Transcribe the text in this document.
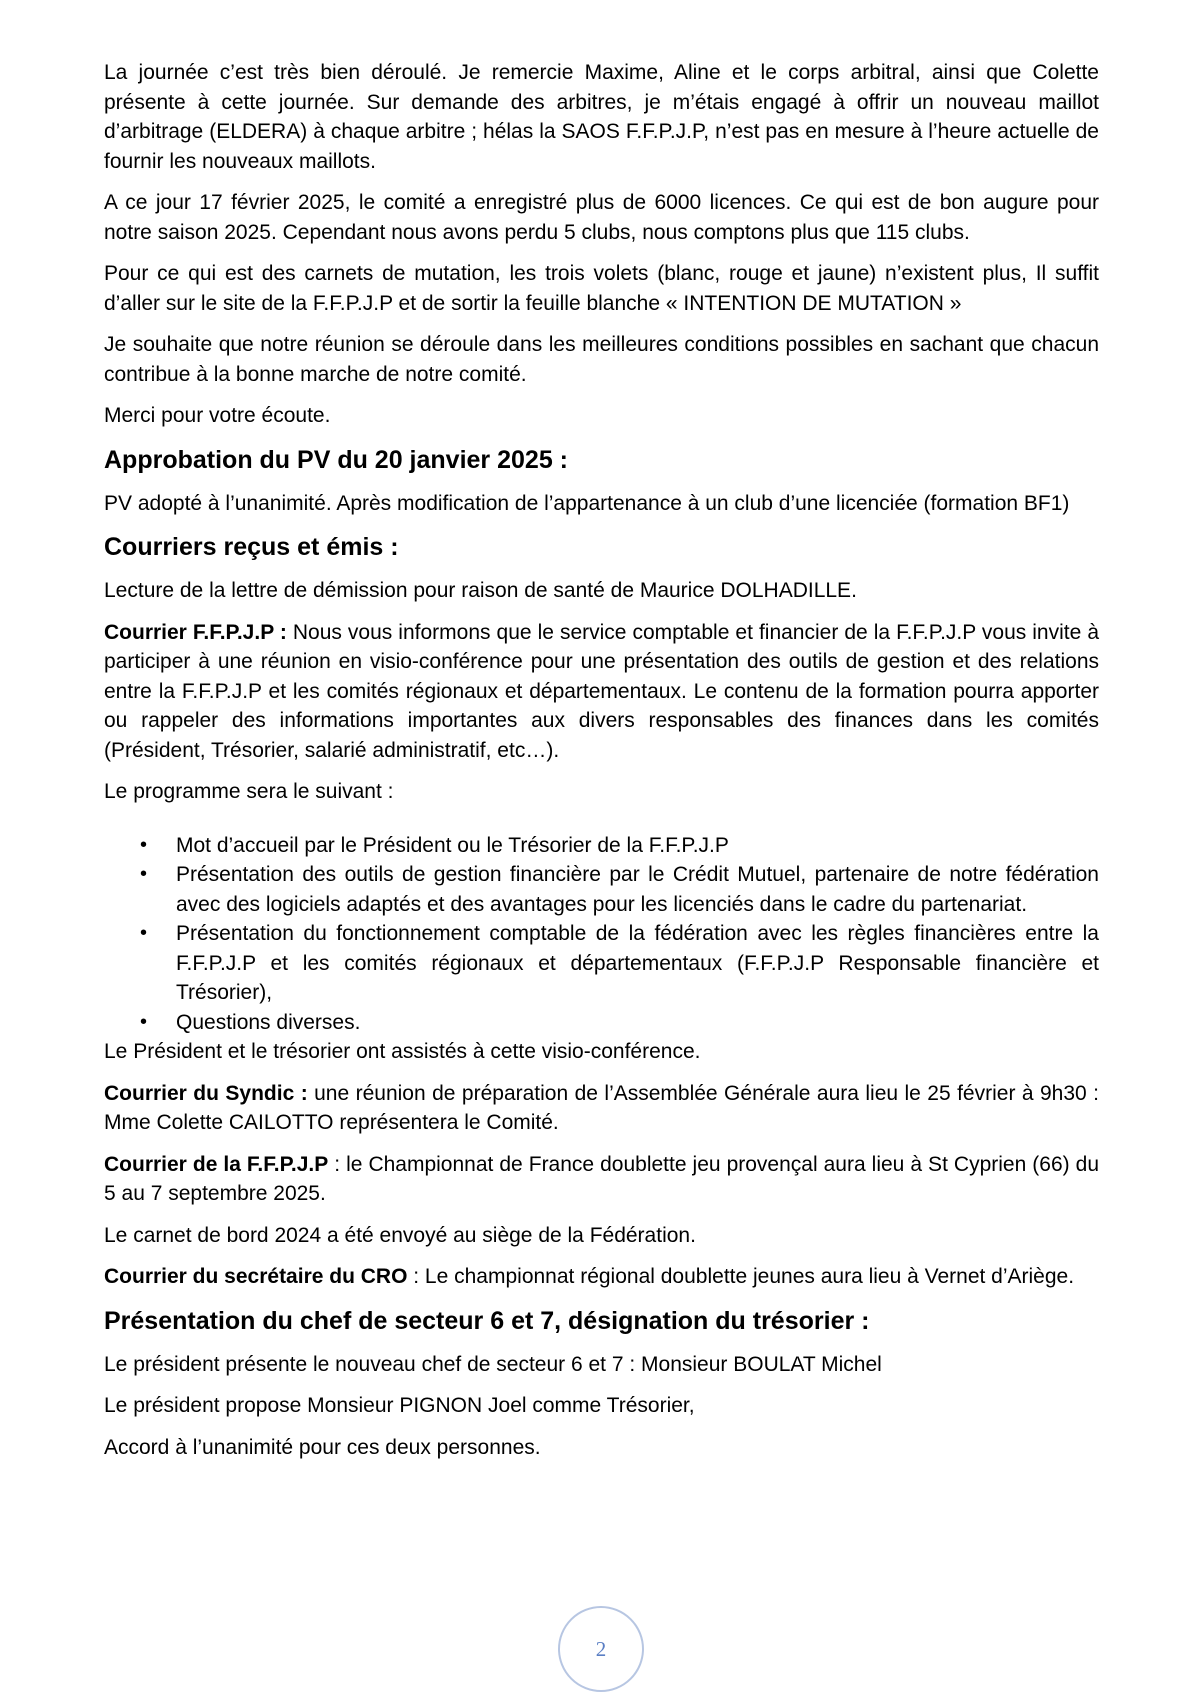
La journée c’est très bien déroulé. Je remercie Maxime, Aline et le corps arbitral, ainsi que Colette présente à cette journée. Sur demande des arbitres, je m’étais engagé à offrir un nouveau maillot d’arbitrage (ELDERA) à chaque arbitre ; hélas la SAOS F.F.P.J.P, n’est pas en mesure à l’heure actuelle de fournir les nouveaux maillots.

A ce jour 17 février 2025, le comité a enregistré plus de 6000 licences. Ce qui est de bon augure pour notre saison 2025. Cependant nous avons perdu 5 clubs, nous comptons plus que 115 clubs.

Pour ce qui est des carnets de mutation, les trois volets (blanc, rouge et jaune) n’existent plus, Il suffit d’aller sur le site de la F.F.P.J.P et de sortir la feuille blanche « INTENTION DE MUTATION »

Je souhaite que notre réunion se déroule dans les meilleures conditions possibles en sachant que chacun contribue à la bonne marche de notre comité.

Merci pour votre écoute.

Approbation du PV du 20 janvier 2025 :

PV adopté à l’unanimité. Après modification de l’appartenance à un club d’une licenciée (formation BF1)

Courriers reçus et émis :

Lecture de la lettre de démission pour raison de santé de Maurice DOLHADILLE.

Courrier F.F.P.J.P : Nous vous informons que le service comptable et financier de la F.F.P.J.P vous invite à participer à une réunion en visio-conférence pour une présentation des outils de gestion et des relations entre la F.F.P.J.P et les comités régionaux et départementaux. Le contenu de la formation pourra apporter ou rappeler des informations importantes aux divers responsables des finances dans les comités (Président, Trésorier, salarié administratif, etc…).

Le programme sera le suivant :

• Mot d’accueil par le Président ou le Trésorier de la F.F.P.J.P
• Présentation des outils de gestion financière par le Crédit Mutuel, partenaire de notre fédération avec des logiciels adaptés et des avantages pour les licenciés dans le cadre du partenariat.
• Présentation du fonctionnement comptable de la fédération avec les règles financières entre la F.F.P.J.P et les comités régionaux et départementaux (F.F.P.J.P Responsable financière et Trésorier),
• Questions diverses.

Le Président et le trésorier ont assistés à cette visio-conférence.

Courrier du Syndic : une réunion de préparation de l’Assemblée Générale aura lieu le 25 février à 9h30 : Mme Colette CAILOTTO représentera le Comité.

Courrier de la F.F.P.J.P : le Championnat de France doublette jeu provençal aura lieu à St Cyprien (66) du 5 au 7 septembre 2025.

Le carnet de bord 2024 a été envoyé au siège de la Fédération.

Courrier du secrétaire du CRO : Le championnat régional doublette jeunes aura lieu à Vernet d’Ariège.

Présentation du chef de secteur 6 et 7, désignation du trésorier :

Le président présente le nouveau chef de secteur 6 et 7 : Monsieur BOULAT Michel

Le président propose Monsieur PIGNON Joel comme Trésorier,

Accord à l’unanimité pour ces deux personnes.

2
